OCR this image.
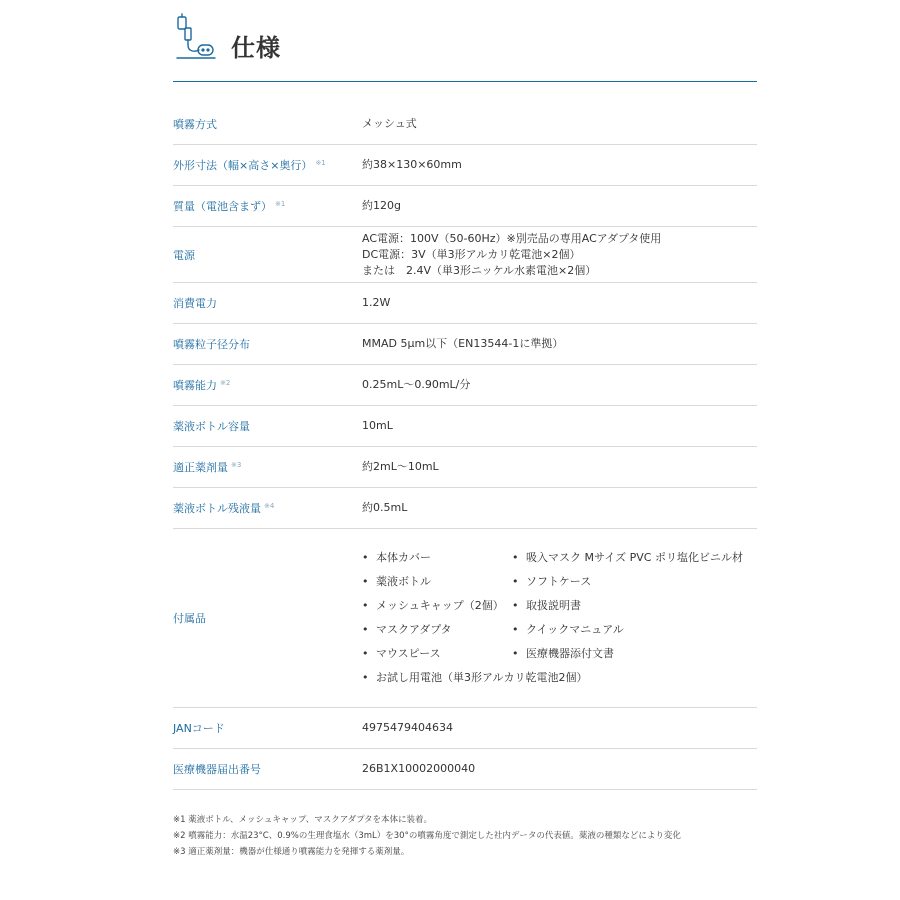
仕様
噴霧方式	メッシュ式
外形寸法（幅×高さ×奥行） $^{※1}$	約38×130×60mm
質量（電池含まず） $^{※1}$	約120g
電源
AC電源：100V（50-60Hz）※別売品の専用ACアダプタ使用
DC電源：3V（単3形アルカリ乾電池×2個）
または　2.4V（単3形ニッケル水素電池×2個）
消費電力	1.2W
噴霧粒子径分布	MMAD 5μm以下（EN13544-1に準拠）
噴霧能力 $^{※2}$	0.25mL～0.90mL/分
薬液ボトル容量	10mL
適正薬剤量 $^{※3}$	約2mL～10mL
薬液ボトル残液量 $^{※4}$	約0.5mL
付属品
• 本体カバー	• 吸入マスク Mサイズ PVC ポリ塩化ビニル材
• 薬液ボトル	• ソフトケース
• メッシュキャップ（2個） • 取扱説明書
• マスクアダプタ	• クイックマニュアル
• マウスピース	• 医療機器添付文書
• お試し用電池（単3形アルカリ乾電池2個）
JANコード	4975479404634
医療機器届出番号	26B1X10002000040
※1 薬液ボトル、メッシュキャップ、マスクアダプタを本体に装着。
※2 噴霧能力：水温23°C、0.9%の生理食塩水（3mL）を30°の噴霧角度で測定した社内データの代表値。薬液の種類などにより変化
※3 適正薬剤量：機器が仕様通り噴霧能力を発揮する薬剤量。
